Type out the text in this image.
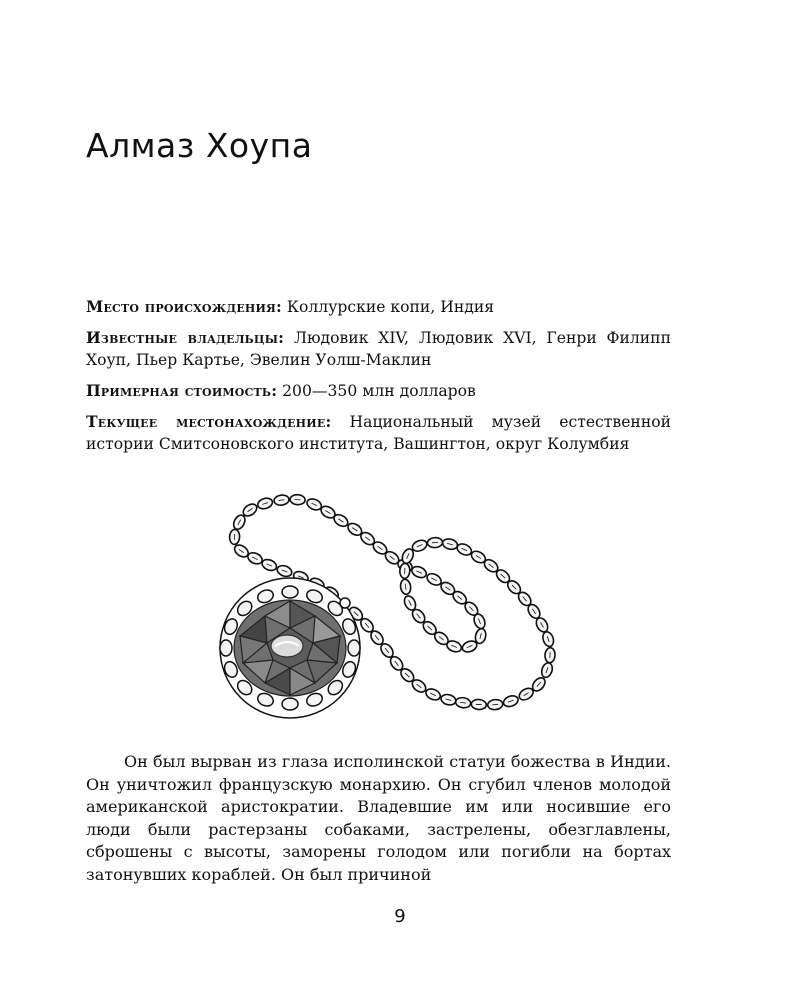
Алмаз Хоупа

Место происхождения: Коллурские копи, Индия

Известные владельцы: Людовик XIV, Людовик XVI, Генри Филипп Хоуп, Пьер Картье, Эвелин Уолш-Маклин

Примерная стоимость: 200—350 млн долларов

Текущее местонахождение: Национальный музей естественной истории Смитсоновского института, Вашингтон, округ Колумбия

Он был вырван из глаза исполинской статуи божества в Индии. Он уничтожил французскую монархию. Он сгубил членов молодой американской аристократии. Владевшие им или носившие его люди были растерзаны собаками, застрелены, обезглавлены, сброшены с высоты, заморены голодом или погибли на бортах затонувших кораблей. Он был причиной

9
